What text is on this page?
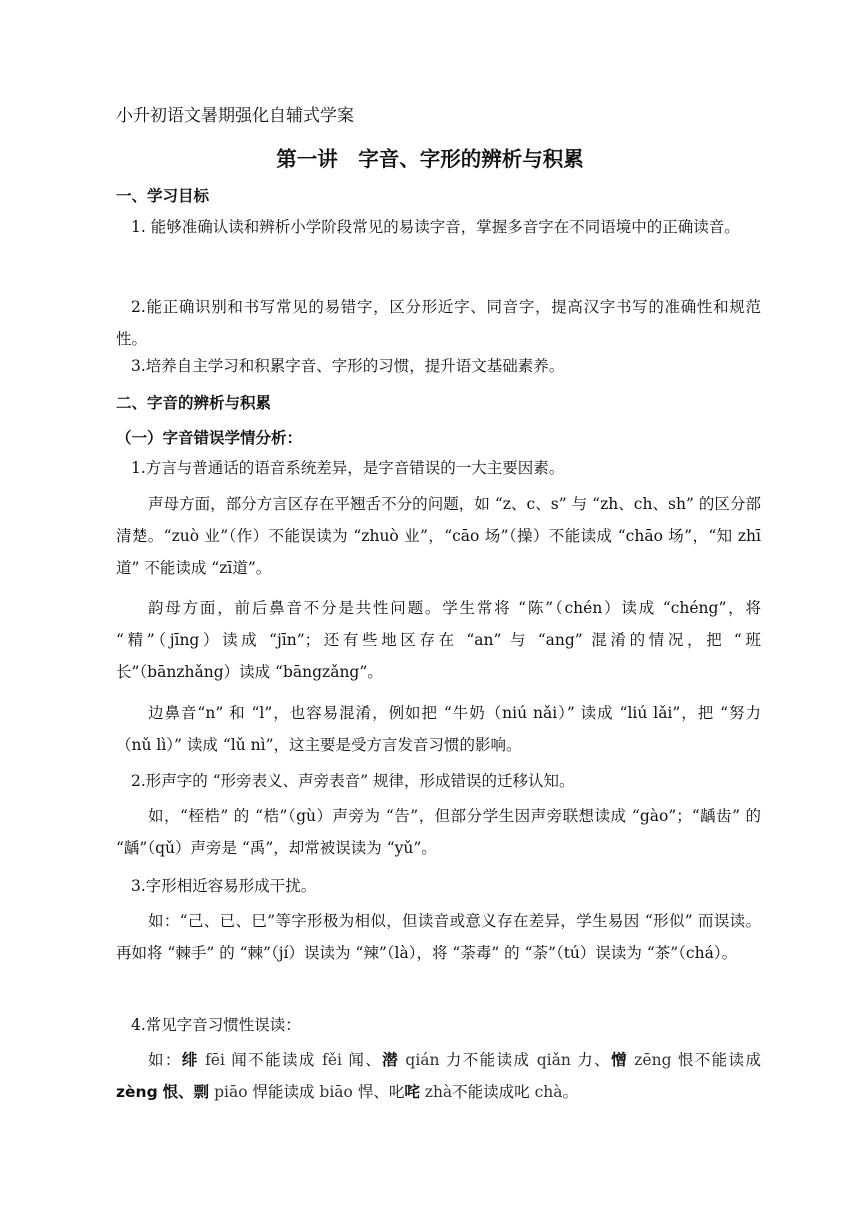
小升初语文暑期强化自辅式学案
第一讲　字音、字形的辨析与积累
一、学习目标

1. 能够准确认读和辨析小学阶段常见的易读字音，掌握多音字在不同语境中的正确读音。

2.能正确识别和书写常见的易错字，区分形近字、同音字，提高汉字书写的准确性和规范性。

3.培养自主学习和积累字音、字形的习惯，提升语文基础素养。

二、字音的辨析与积累
（一）字音错误学情分析：

1.方言与普通话的语音系统差异，是字音错误的一大主要因素。

声母方面，部分方言区存在平翘舌不分的问题，如 “z、c、s” 与 “zh、ch、sh” 的区分部清楚。“zuò 业”（作）不能误读为 “zhuò 业”，“cāo 场”（操）不能读成 “chāo 场”，“知 zhī道” 不能读成 “zī道”。

韵母方面，前后鼻音不分是共性问题。学生常将 “陈”（chén）读成 “chéng”，将 “精”（jīng）读成 “jīn”；还有些地区存在 “an” 与 “ang” 混淆的情况，把 “班长”（bānzhǎng）读成 “bāngzǎng”。

边鼻音“n” 和 “l”，也容易混淆，例如把 “牛奶（niú nǎi）” 读成 “liú lǎi”，把 “努力（nǔ lì）” 读成 “lǔ nì”，这主要是受方言发音习惯的影响。

2.形声字的 “形旁表义、声旁表音” 规律，形成错误的迁移认知。

如，“桎梏” 的 “梏”（gù）声旁为 “告”，但部分学生因声旁联想读成 “gào”；“龋齿” 的 “龋”（qǔ）声旁是 “禹”，却常被误读为 “yǔ”。

3.字形相近容易形成干扰。

如：“己、已、巳”等字形极为相似，但读音或意义存在差异，学生易因 “形似” 而误读。再如将 “棘手” 的 “棘”（jí）误读为 “辣”（là），将 “荼毒” 的 “荼”（tú）误读为 “茶”（chá）。

4.常见字音习惯性误读：

如：绯 fēi 闻不能读成 fěi 闻、潜 qián 力不能读成 qiǎn 力、憎 zēng 恨不能读成 zèng 恨、剽 piāo 悍能读成 biāo 悍、叱咤 zhà不能读成叱 chà。
